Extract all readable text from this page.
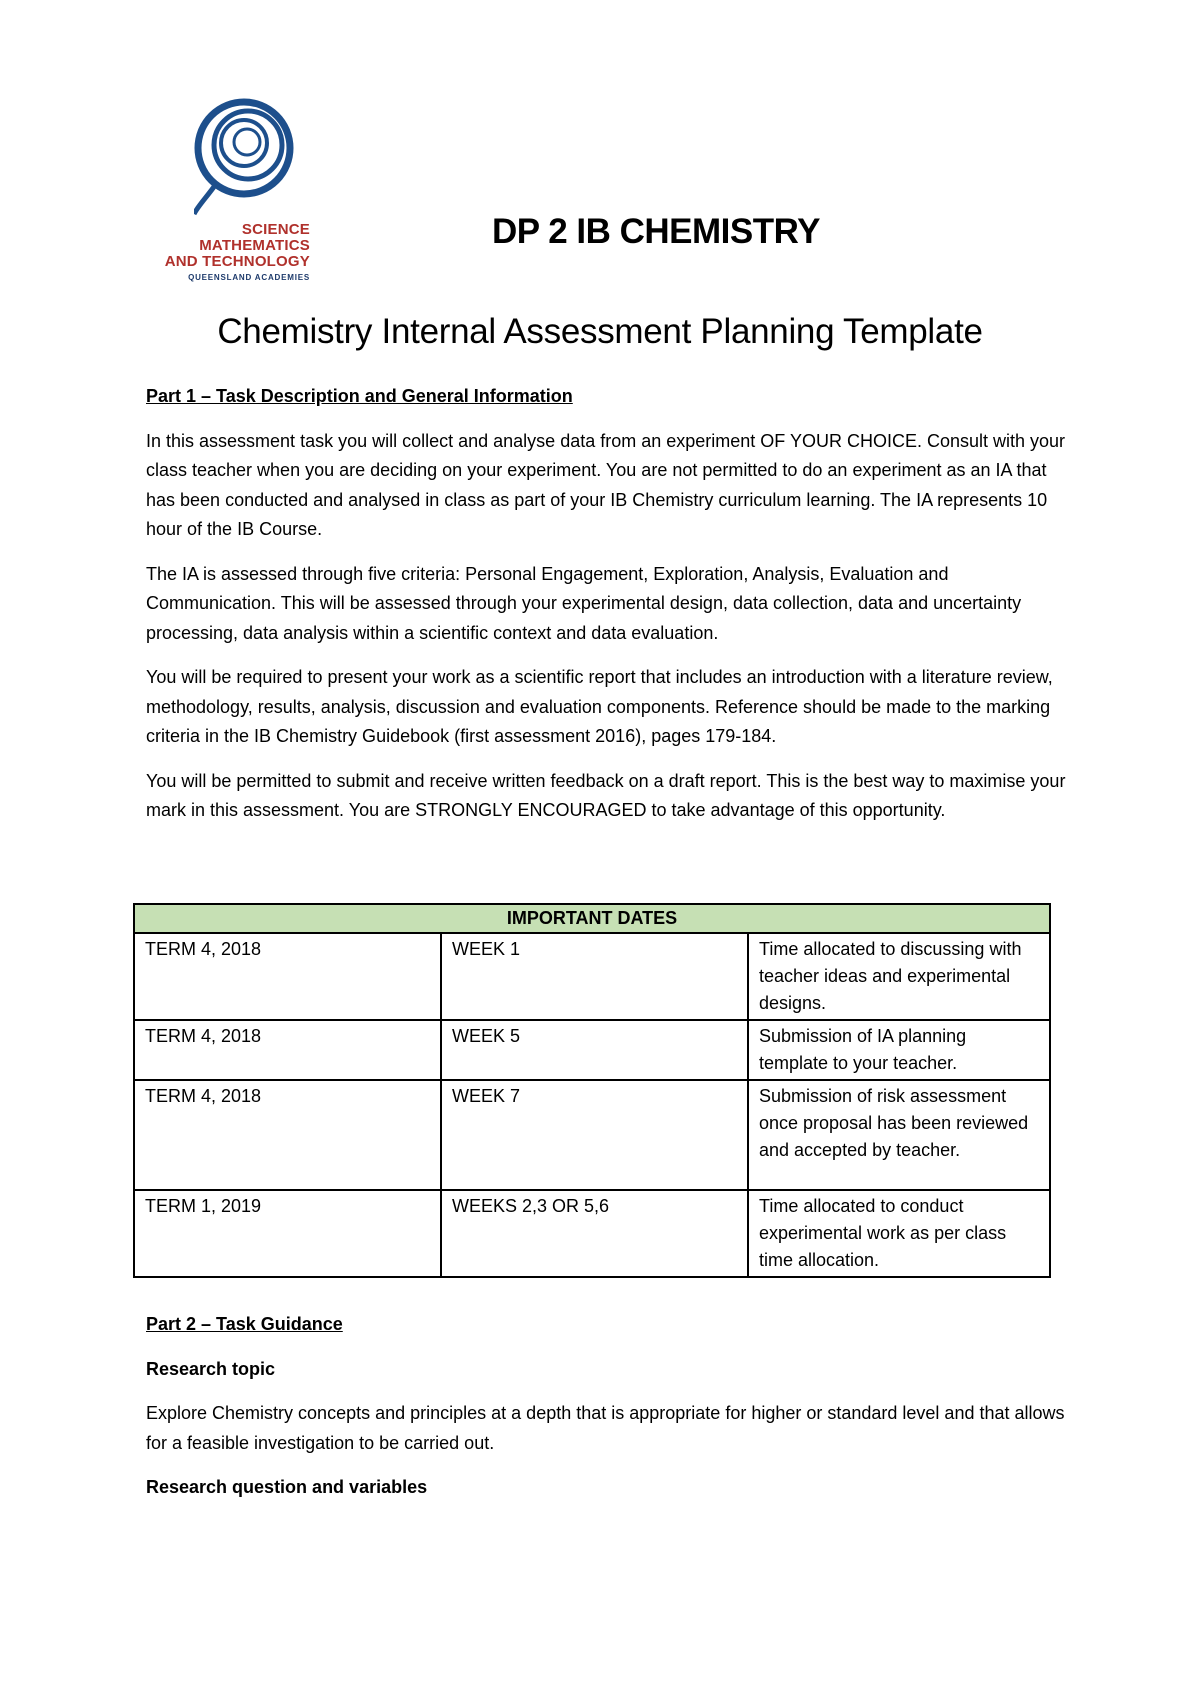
SCIENCE
MATHEMATICS
AND TECHNOLOGY
QUEENSLAND ACADEMIES
DP 2 IB CHEMISTRY
Chemistry Internal Assessment Planning Template

Part 1 – Task Description and General Information

In this assessment task you will collect and analyse data from an experiment OF YOUR CHOICE. Consult with your class teacher when you are deciding on your experiment. You are not permitted to do an experiment as an IA that has been conducted and analysed in class as part of your IB Chemistry curriculum learning. The IA represents 10 hour of the IB Course.

The IA is assessed through five criteria: Personal Engagement, Exploration, Analysis, Evaluation and Communication. This will be assessed through your experimental design, data collection, data and uncertainty processing, data analysis within a scientific context and data evaluation.

You will be required to present your work as a scientific report that includes an introduction with a literature review, methodology, results, analysis, discussion and evaluation components. Reference should be made to the marking criteria in the IB Chemistry Guidebook (first assessment 2016), pages 179-184.

You will be permitted to submit and receive written feedback on a draft report. This is the best way to maximise your mark in this assessment. You are STRONGLY ENCOURAGED to take advantage of this opportunity.

IMPORTANT DATES		
TERM 4, 2018	WEEK 1	Time allocated to discussing with teacher ideas and experimental designs.
TERM 4, 2018	WEEK 5	Submission of IA planning template to your teacher.
TERM 4, 2018	WEEK 7	Submission of risk assessment once proposal has been reviewed and accepted by teacher.
TERM 1, 2019	WEEKS 2,3 OR 5,6	Time allocated to conduct experimental work as per class time allocation.

Part 2 – Task Guidance

Research topic

Explore Chemistry concepts and principles at a depth that is appropriate for higher or standard level and that allows for a feasible investigation to be carried out.

Research question and variables
